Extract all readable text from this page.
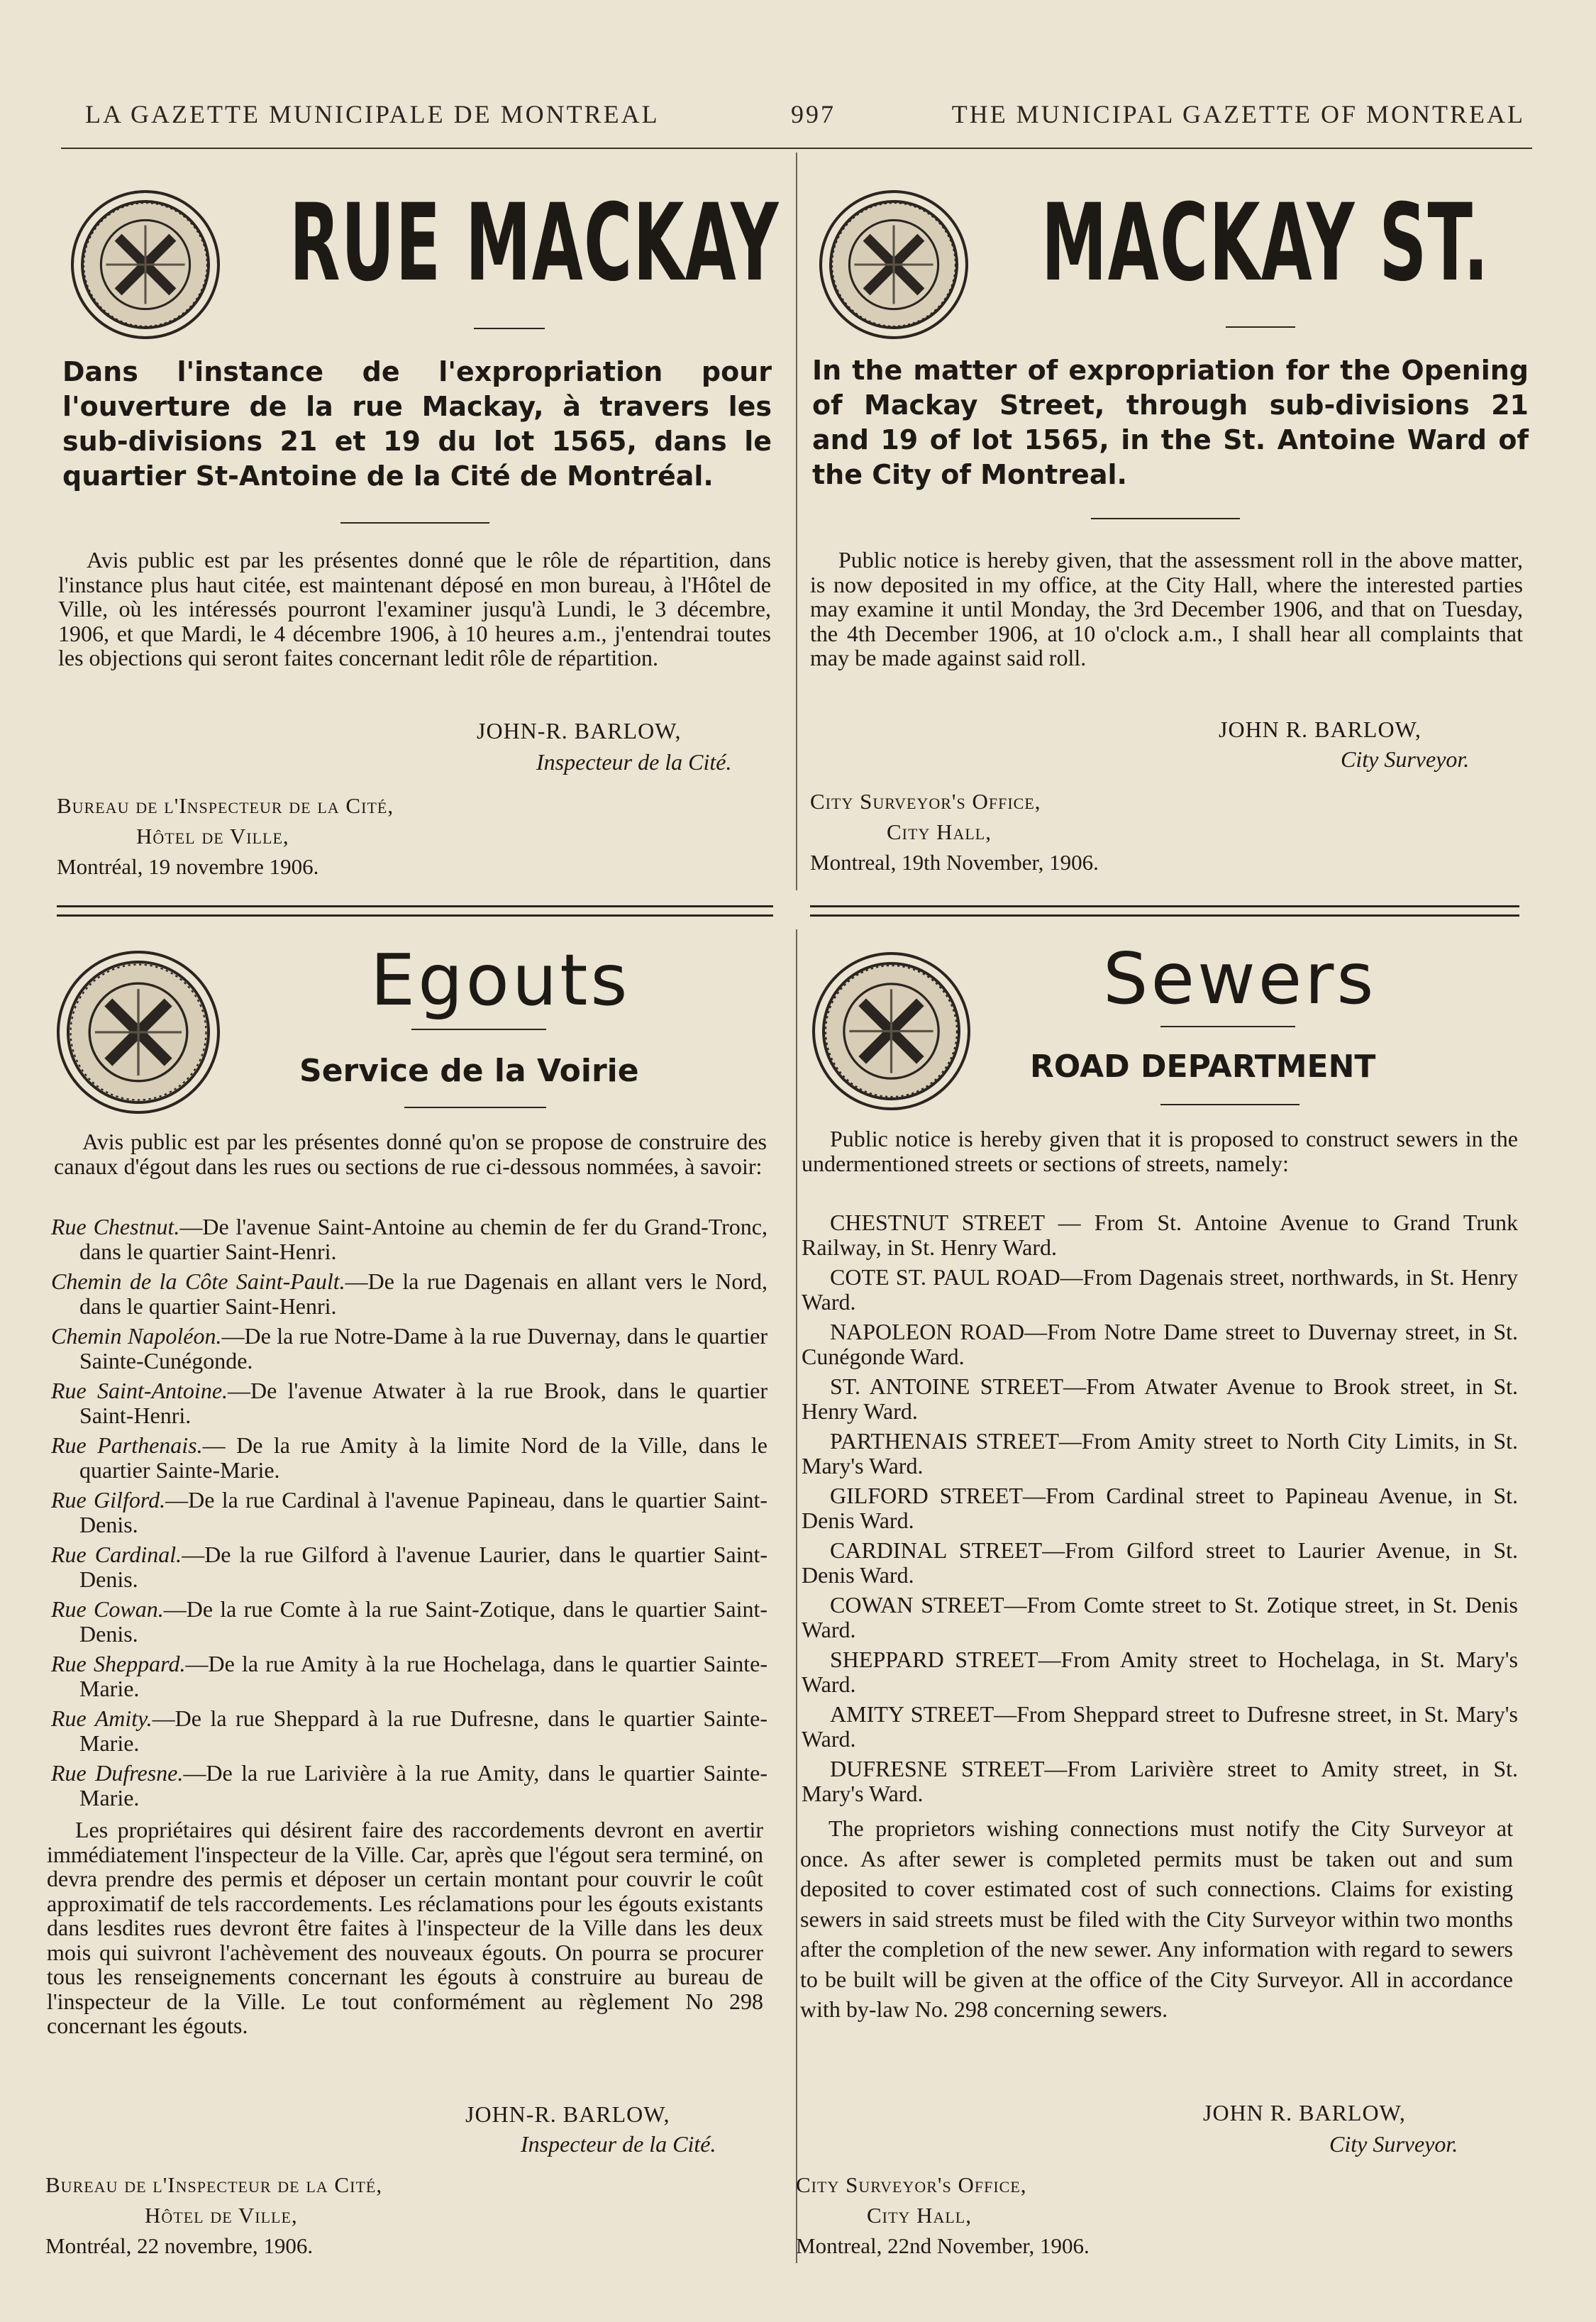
LA GAZETTE MUNICIPALE DE MONTREAL	997	THE MUNICIPAL GAZETTE OF MONTREAL
RUE MACKAY
Dans l'instance de l'expropriation pour l'ouverture de la rue Mackay, à travers les sub-divisions 21 et 19 du lot 1565, dans le quartier St-Antoine de la Cité de Montréal.
Avis public est par les présentes donné que le rôle de répartition, dans l'instance plus haut citée, est maintenant déposé en mon bureau, à l'Hôtel de Ville, où les intéressés pourront l'examiner jusqu'à Lundi, le 3 décembre, 1906, et que Mardi, le 4 décembre 1906, à 10 heures a.m., j'entendrai toutes les objections qui seront faites concernant ledit rôle de répartition.
JOHN-R. BARLOW,
Inspecteur de la Cité.
Bureau de l'Inspecteur de la Cité,
Hôtel de Ville,
Montréal, 19 novembre 1906.
MACKAY ST.
In the matter of expropriation for the Opening of Mackay Street, through sub-divisions 21 and 19 of lot 1565, in the St. Antoine Ward of the City of Montreal.
Public notice is hereby given, that the assessment roll in the above matter, is now deposited in my office, at the City Hall, where the interested parties may examine it until Monday, the 3rd December 1906, and that on Tuesday, the 4th December 1906, at 10 o'clock a.m., I shall hear all complaints that may be made against said roll.
JOHN R. BARLOW,
City Surveyor.
City Surveyor's Office,
City Hall,
Montreal, 19th November, 1906.
Egouts
Service de la Voirie
Avis public est par les présentes donné qu'on se propose de construire des canaux d'égout dans les rues ou sections de rue ci-dessous nommées, à savoir:
Rue Chestnut.—De l'avenue Saint-Antoine au chemin de fer du Grand-Tronc, dans le quartier Saint-Henri.
Chemin de la Côte Saint-Pault.—De la rue Dagenais en allant vers le Nord, dans le quartier Saint-Henri.
Chemin Napoléon.—De la rue Notre-Dame à la rue Duvernay, dans le quartier Sainte-Cunégonde.
Rue Saint-Antoine.—De l'avenue Atwater à la rue Brook, dans le quartier Saint-Henri.
Rue Parthenais.— De la rue Amity à la limite Nord de la Ville, dans le quartier Sainte-Marie.
Rue Gilford.—De la rue Cardinal à l'avenue Papineau, dans le quartier Saint-Denis.
Rue Cardinal.—De la rue Gilford à l'avenue Laurier, dans le quartier Saint-Denis.
Rue Cowan.—De la rue Comte à la rue Saint-Zotique, dans le quartier Saint-Denis.
Rue Sheppard.—De la rue Amity à la rue Hochelaga, dans le quartier Sainte-Marie.
Rue Amity.—De la rue Sheppard à la rue Dufresne, dans le quartier Sainte-Marie.
Rue Dufresne.—De la rue Larivière à la rue Amity, dans le quartier Sainte-Marie.
Les propriétaires qui désirent faire des raccordements devront en avertir immédiatement l'inspecteur de la Ville. Car, après que l'égout sera terminé, on devra prendre des permis et déposer un certain montant pour couvrir le coût approximatif de tels raccordements. Les réclamations pour les égouts existants dans lesdites rues devront être faites à l'inspecteur de la Ville dans les deux mois qui suivront l'achèvement des nouveaux égouts. On pourra se procurer tous les renseignements concernant les égouts à construire au bureau de l'inspecteur de la Ville. Le tout conformément au règlement No 298 concernant les égouts.
JOHN-R. BARLOW,
Inspecteur de la Cité.
Bureau de l'Inspecteur de la Cité,
Hôtel de Ville,
Montréal, 22 novembre, 1906.
Sewers
ROAD DEPARTMENT
Public notice is hereby given that it is proposed to construct sewers in the undermentioned streets or sections of streets, namely:
CHESTNUT STREET — From St. Antoine Avenue to Grand Trunk Railway, in St. Henry Ward.
COTE ST. PAUL ROAD—From Dagenais street, northwards, in St. Henry Ward.
NAPOLEON ROAD—From Notre Dame street to Duvernay street, in St. Cunégonde Ward.
ST. ANTOINE STREET—From Atwater Avenue to Brook street, in St. Henry Ward.
PARTHENAIS STREET—From Amity street to North City Limits, in St. Mary's Ward.
GILFORD STREET—From Cardinal street to Papineau Avenue, in St. Denis Ward.
CARDINAL STREET—From Gilford street to Laurier Avenue, in St. Denis Ward.
COWAN STREET—From Comte street to St. Zotique street, in St. Denis Ward.
SHEPPARD STREET—From Amity street to Hochelaga, in St. Mary's Ward.
AMITY STREET—From Sheppard street to Dufresne street, in St. Mary's Ward.
DUFRESNE STREET—From Larivière street to Amity street, in St. Mary's Ward.
The proprietors wishing connections must notify the City Surveyor at once. As after sewer is completed permits must be taken out and sum deposited to cover estimated cost of such connections. Claims for existing sewers in said streets must be filed with the City Surveyor within two months after the completion of the new sewer. Any information with regard to sewers to be built will be given at the office of the City Surveyor. All in accordance with by-law No. 298 concerning sewers.
JOHN R. BARLOW,
City Surveyor.
City Surveyor's Office,
City Hall,
Montreal, 22nd November, 1906.
